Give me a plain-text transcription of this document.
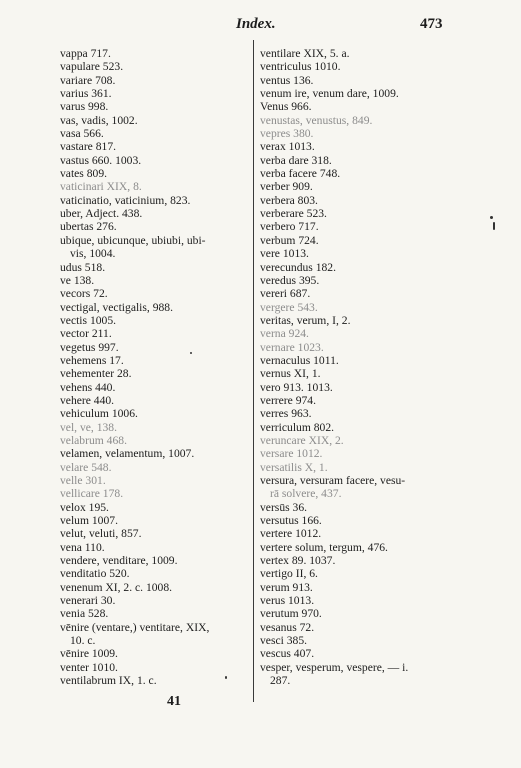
Index.	473
vappa 717.
vapulare 523.
variare 708.
varius 361.
varus 998.
vas, vadis, 1002.
vasa 566.
vastare 817.
vastus 660. 1003.
vates 809.
vaticinari XIX, 8.
vaticinatio, vaticinium, 823.
uber, Adject. 438.
ubertas 276.
ubique, ubicunque, ubiubi, ubi-
vis, 1004.
udus 518.
ve 138.
vecors 72.
vectigal, vectigalis, 988.
vectis 1005.
vector 211.
vegetus 997.
vehemens 17.
vehementer 28.
vehens 440.
vehere 440.
vehiculum 1006.
vel, ve, 138.
velabrum 468.
velamen, velamentum, 1007.
velare 548.
velle 301.
vellicare 178.
velox 195.
velum 1007.
velut, veluti, 857.
vena 110.
vendere, venditare, 1009.
venditatio 520.
venenum XI, 2. c. 1008.
venerari 30.
venia 528.
vēnire (ventare,) ventitare, XIX,
10. c.
vēnire 1009.
venter 1010.
ventilabrum IX, 1. c.
ventilare XIX, 5. a.
ventriculus 1010.
ventus 136.
venum ire, venum dare, 1009.
Venus 966.
venustas, venustus, 849.
vepres 380.
verax 1013.
verba dare 318.
verba facere 748.
verber 909.
verbera 803.
verberare 523.
verbero 717.
verbum 724.
vere 1013.
verecundus 182.
veredus 395.
vereri 687.
vergere 543.
veritas, verum, I, 2.
verna 924.
vernare 1023.
vernaculus 1011.
vernus XI, 1.
vero 913. 1013.
verrere 974.
verres 963.
verriculum 802.
veruncare XIX, 2.
versare 1012.
versatilis X, 1.
versura, versuram facere, vesu-
rā solvere, 437.
versūs 36.
versutus 166.
vertere 1012.
vertere solum, tergum, 476.
vertex 89. 1037.
vertigo II, 6.
verum 913.
verus 1013.
verutum 970.
vesanus 72.
vesci 385.
vescus 407.
vesper, vesperum, vespere, — i.
287.
41
